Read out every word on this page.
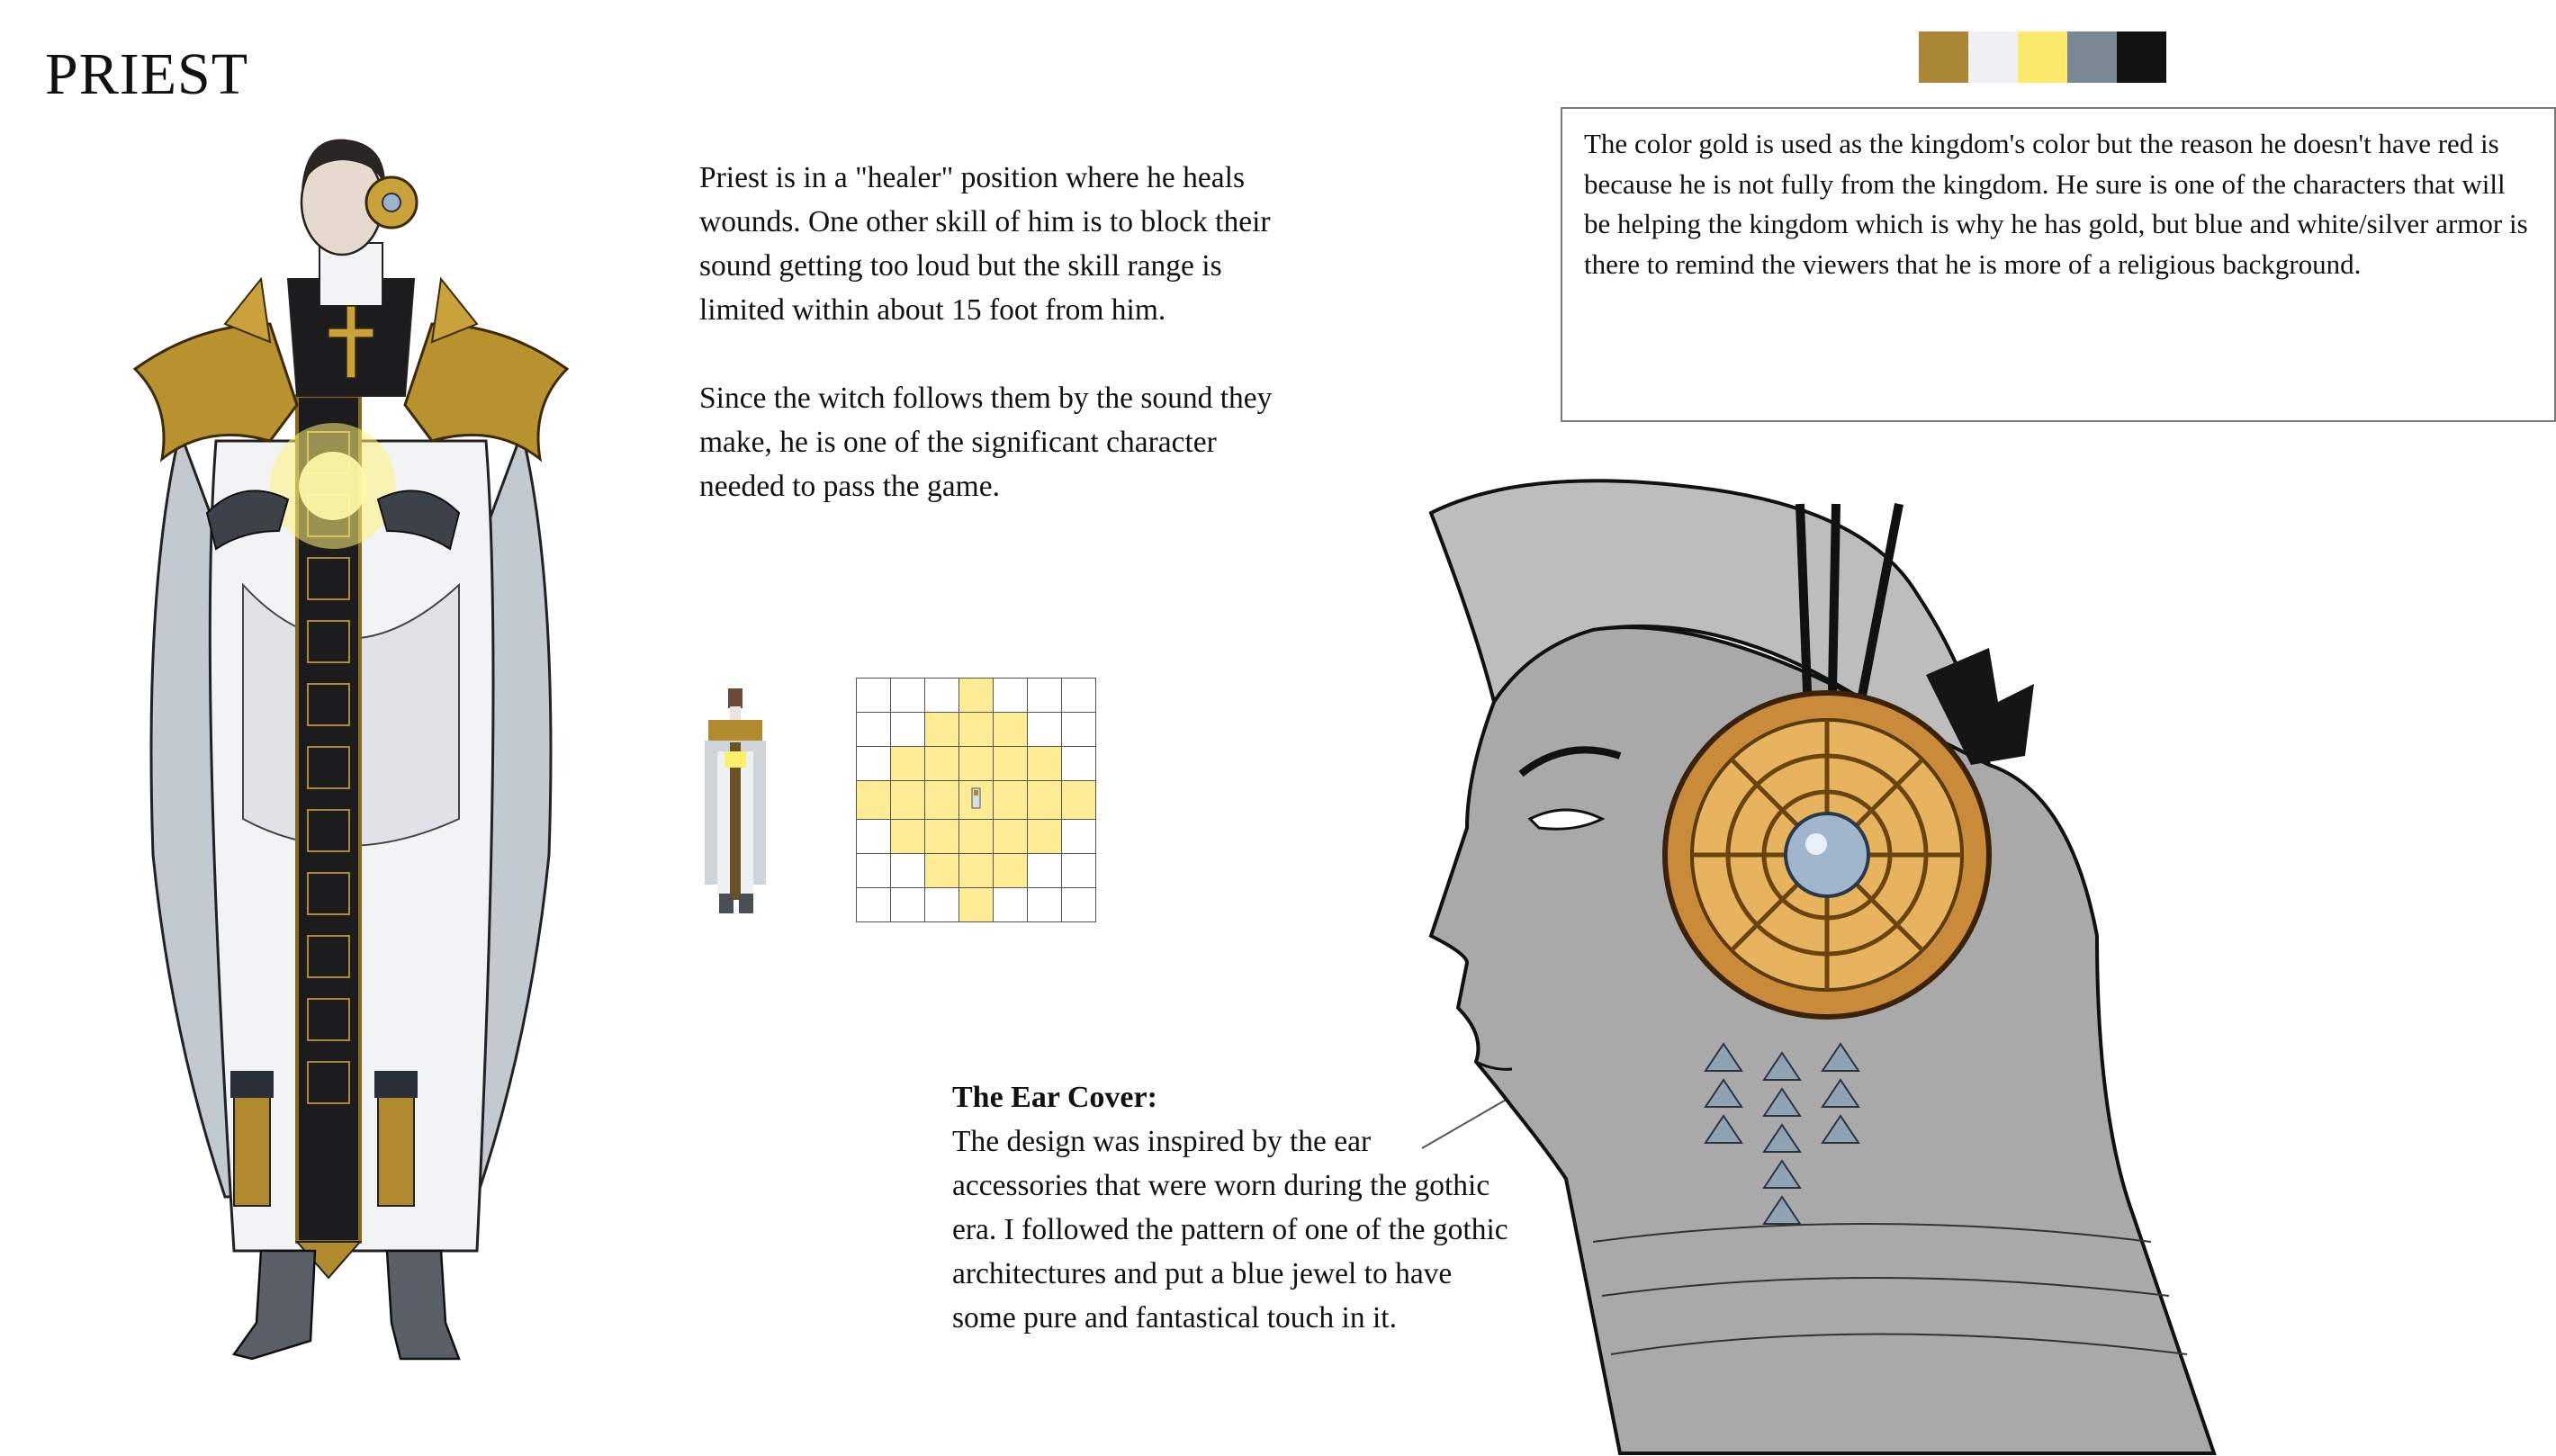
PRIEST
The color gold is used as the kingdom's color but the reason he doesn't have red is because he is not fully from the kingdom. He sure is one of the characters that will be helping the kingdom which is why he has gold, but blue and white/silver armor is there to remind the viewers that he is more of a religious background.

Priest is in a "healer" position where he heals wounds. One other skill of him is to block their sound getting too loud but the skill range is limited within about 15 foot from him.

Since the witch follows them by the sound they make, he is one of the significant character needed to pass the game.

The Ear Cover:
The design was inspired by the ear accessories that were worn during the gothic era. I followed the pattern of one of the gothic architectures and put a blue jewel to have some pure and fantastical touch in it.
